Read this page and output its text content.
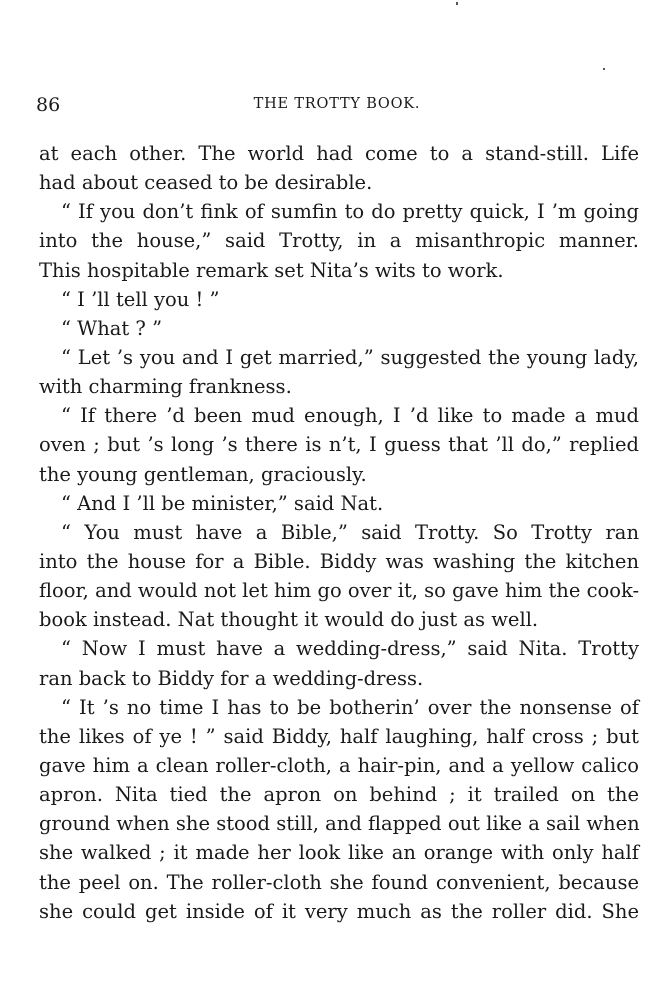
86	THE TROTTY BOOK.
at each other. The world had come to a stand-still. Life
had about ceased to be desirable.
“ If you don’t fink of sumfin to do pretty quick, I ’m going
into the house,” said Trotty, in a misanthropic manner.
This hospitable remark set Nita’s wits to work.
“ I ’ll tell you ! ”
“ What ? ”
“ Let ’s you and I get married,” suggested the young lady,
with charming frankness.
“ If there ’d been mud enough, I ’d like to made a mud
oven ; but ’s long ’s there is n’t, I guess that ’ll do,” replied
the young gentleman, graciously.
“ And I ’ll be minister,” said Nat.
“ You must have a Bible,” said Trotty. So Trotty ran
into the house for a Bible. Biddy was washing the kitchen
floor, and would not let him go over it, so gave him the cook-
book instead. Nat thought it would do just as well.
“ Now I must have a wedding-dress,” said Nita. Trotty
ran back to Biddy for a wedding-dress.
“ It ’s no time I has to be botherin’ over the nonsense of
the likes of ye ! ” said Biddy, half laughing, half cross ; but
gave him a clean roller-cloth, a hair-pin, and a yellow calico
apron. Nita tied the apron on behind ; it trailed on the
ground when she stood still, and flapped out like a sail when
she walked ; it made her look like an orange with only half
the peel on. The roller-cloth she found convenient, because
she could get inside of it very much as the roller did. She
